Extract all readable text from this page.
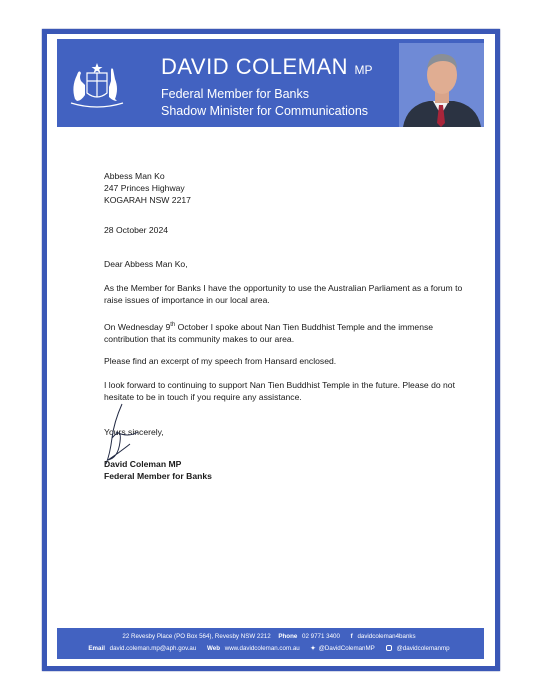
DAVID COLEMAN MP
Federal Member for Banks
Shadow Minister for Communications

Abbess Man Ko

247 Princes Highway

KOGARAH NSW 2217

28 October 2024

Dear Abbess Man Ko,

As the Member for Banks I have the opportunity to use the Australian Parliament as a forum to raise issues of importance in our local area.

On Wednesday 9th October I spoke about Nan Tien Buddhist Temple and the immense contribution that its community makes to our area.

Please find an excerpt of my speech from Hansard enclosed.

I look forward to continuing to support Nan Tien Buddhist Temple in the future. Please do not hesitate to be in touch if you require any assistance.

Yours sincerely,

David Coleman MP

Federal Member for Banks

22 Revesby Place (PO Box 564), Revesby NSW 2212 Phone 02 9771 3400 f davidcoleman4banks
Email david.coleman.mp@aph.gov.au Web www.davidcoleman.com.au ✦ @DavidColemanMP	@davidcolemanmp
